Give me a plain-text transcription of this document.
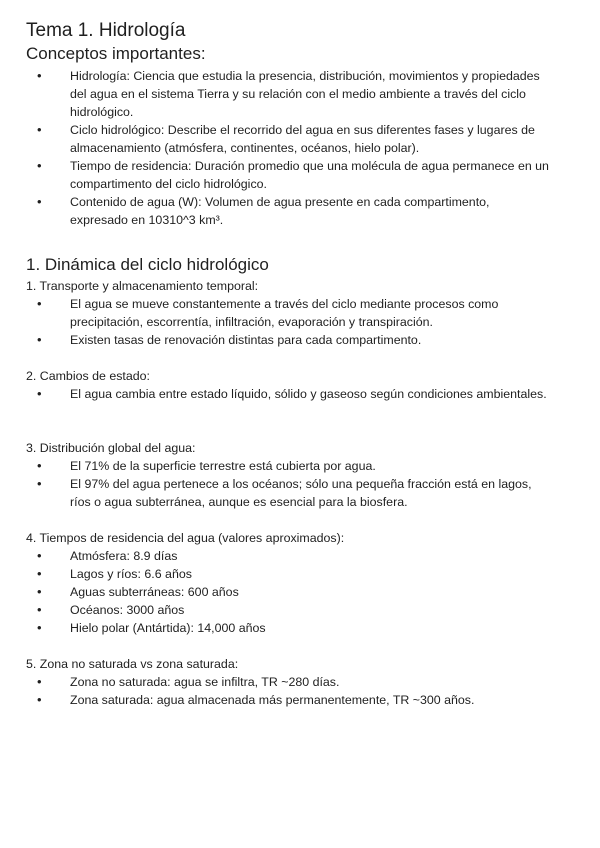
Tema 1. Hidrología
Conceptos importantes:
• Hidrología: Ciencia que estudia la presencia, distribución, movimientos y propiedades del agua en el sistema Tierra y su relación con el medio ambiente a través del ciclo hidrológico.
• Ciclo hidrológico: Describe el recorrido del agua en sus diferentes fases y lugares de almacenamiento (atmósfera, continentes, océanos, hielo polar).
• Tiempo de residencia: Duración promedio que una molécula de agua permanece en un compartimento del ciclo hidrológico.
• Contenido de agua (W): Volumen de agua presente en cada compartimento, expresado en 10310^3 km³.
1. Dinámica del ciclo hidrológico
1. Transporte y almacenamiento temporal:
• El agua se mueve constantemente a través del ciclo mediante procesos como precipitación, escorrentía, infiltración, evaporación y transpiración.
• Existen tasas de renovación distintas para cada compartimento.
2. Cambios de estado:
• El agua cambia entre estado líquido, sólido y gaseoso según condiciones ambientales.
3. Distribución global del agua:
• El 71% de la superficie terrestre está cubierta por agua.
• El 97% del agua pertenece a los océanos; sólo una pequeña fracción está en lagos, ríos o agua subterránea, aunque es esencial para la biosfera.
4. Tiempos de residencia del agua (valores aproximados):
• Atmósfera: 8.9 días
• Lagos y ríos: 6.6 años
• Aguas subterráneas: 600 años
• Océanos: 3000 años
• Hielo polar (Antártida): 14,000 años
5. Zona no saturada vs zona saturada:
• Zona no saturada: agua se infiltra, TR ~280 días.
• Zona saturada: agua almacenada más permanentemente, TR ~300 años.
